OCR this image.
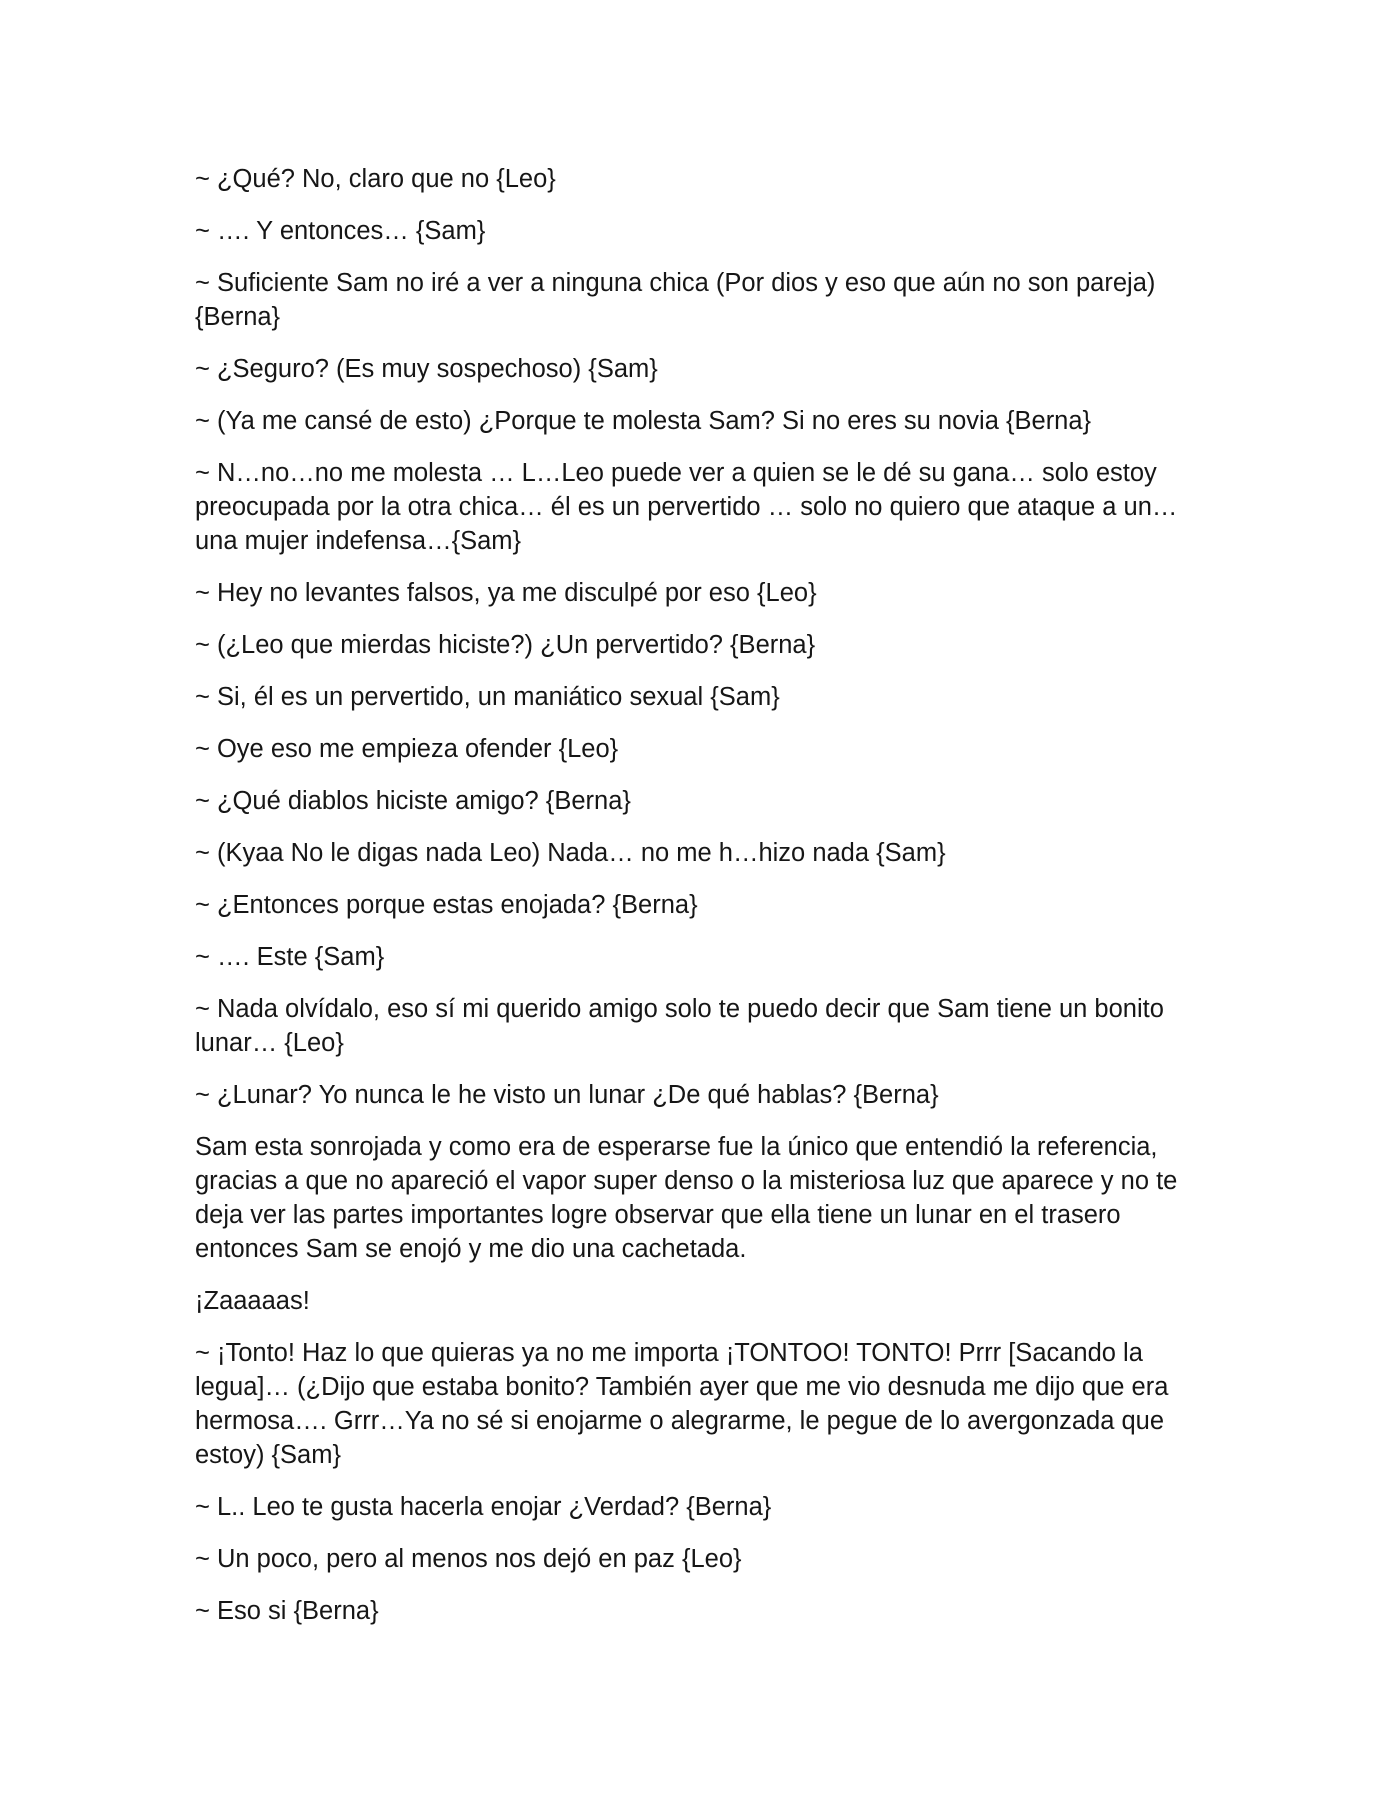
~ ¿Qué? No, claro que no {Leo}

~ …. Y entonces… {Sam}

~ Suficiente Sam no iré a ver a ninguna chica (Por dios y eso que aún no son pareja) {Berna}

~ ¿Seguro? (Es muy sospechoso) {Sam}

~ (Ya me cansé de esto) ¿Porque te molesta Sam? Si no eres su novia {Berna}

~ N…no…no me molesta … L…Leo puede ver a quien se le dé su gana… solo estoy preocupada por la otra chica… él es un pervertido … solo no quiero que ataque a un…una mujer indefensa…{Sam}

~ Hey no levantes falsos, ya me disculpé por eso {Leo}

~ (¿Leo que mierdas hiciste?) ¿Un pervertido? {Berna}

~ Si, él es un pervertido, un maniático sexual {Sam}

~ Oye eso me empieza ofender {Leo}

~ ¿Qué diablos hiciste amigo? {Berna}

~ (Kyaa No le digas nada Leo) Nada… no me h…hizo nada {Sam}

~ ¿Entonces porque estas enojada? {Berna}

~ …. Este {Sam}

~ Nada olvídalo, eso sí mi querido amigo solo te puedo decir que Sam tiene un bonito lunar… {Leo}

~ ¿Lunar? Yo nunca le he visto un lunar ¿De qué hablas? {Berna}

Sam esta sonrojada y como era de esperarse fue la único que entendió la referencia, gracias a que no apareció el vapor super denso o la misteriosa luz que aparece y no te deja ver las partes importantes logre observar que ella tiene un lunar en el trasero entonces Sam se enojó y me dio una cachetada.

¡Zaaaaas!

~ ¡Tonto! Haz lo que quieras ya no me importa ¡TONTOO! TONTO! Prrr [Sacando la legua]… (¿Dijo que estaba bonito? También ayer que me vio desnuda me dijo que era hermosa…. Grrr…Ya no sé si enojarme o alegrarme, le pegue de lo avergonzada que estoy) {Sam}

~ L.. Leo te gusta hacerla enojar ¿Verdad? {Berna}

~ Un poco, pero al menos nos dejó en paz {Leo}

~ Eso si {Berna}
